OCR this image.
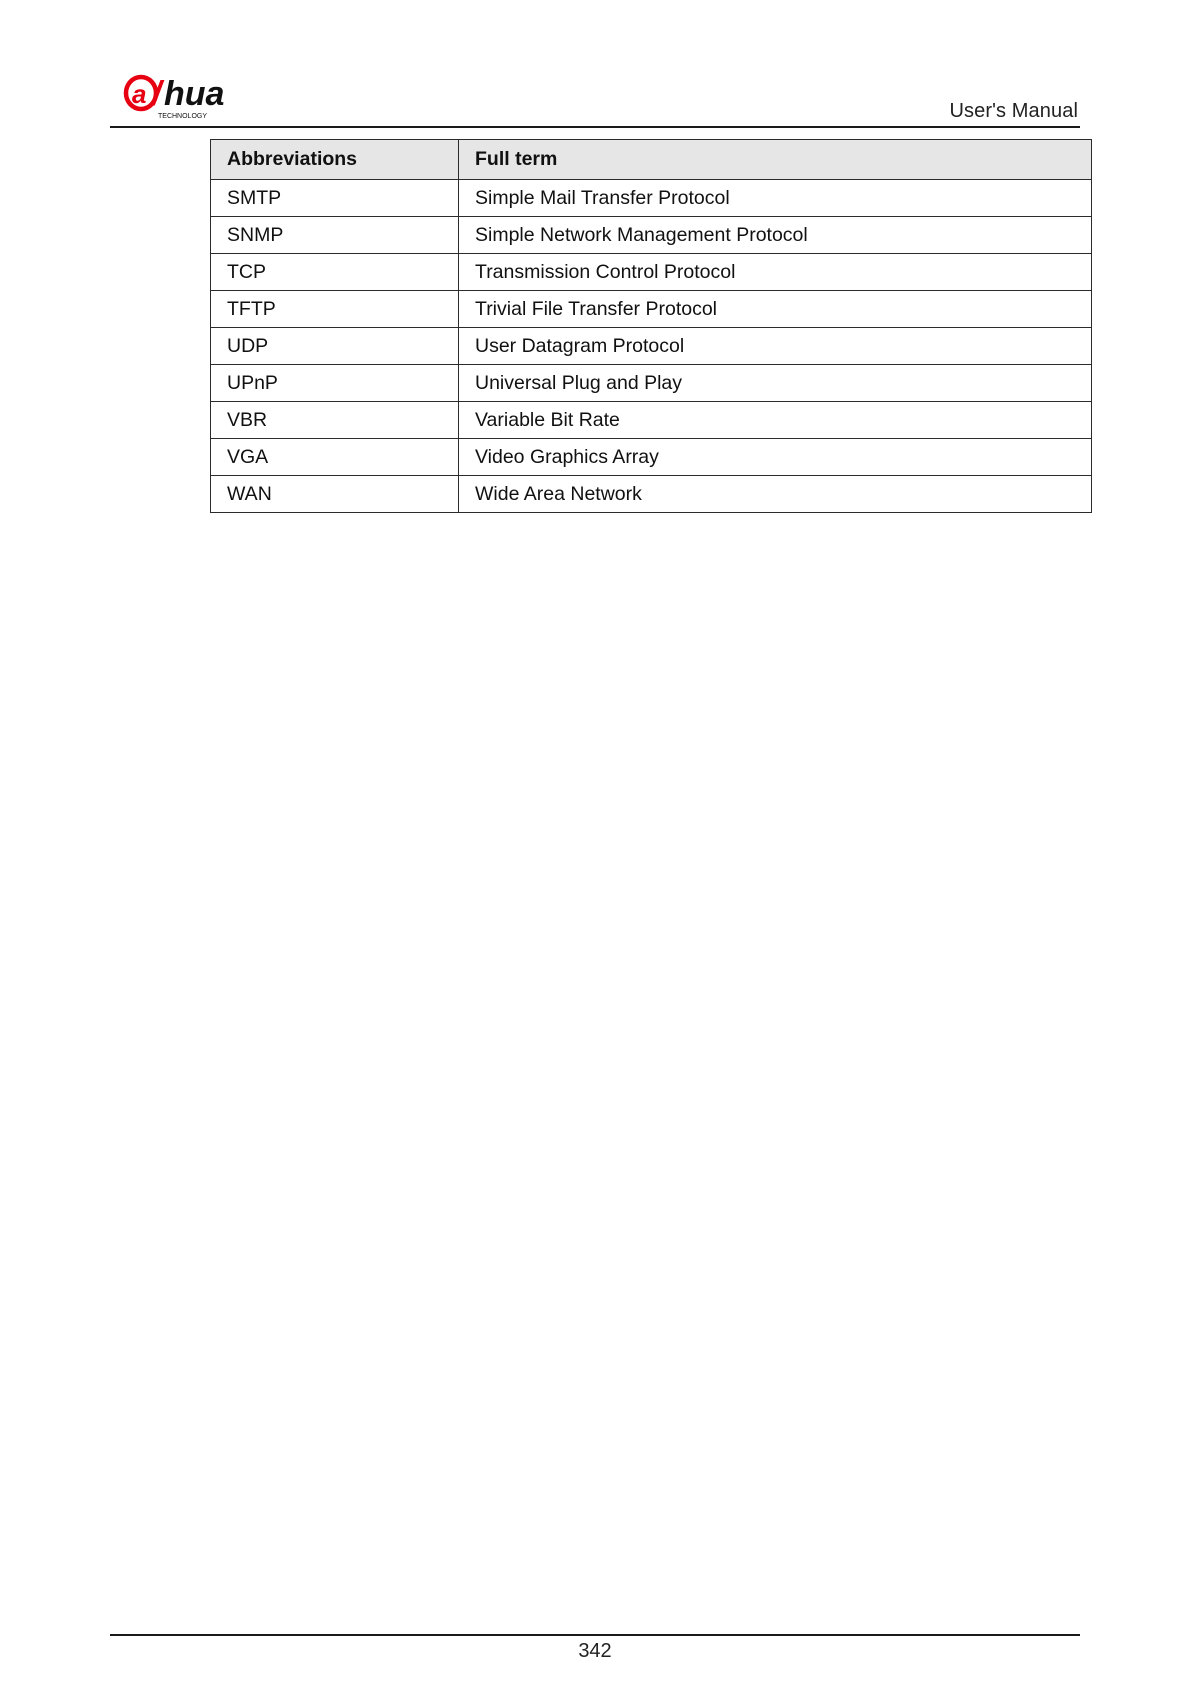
a / hua
TECHNOLOGY	User's Manual
Abbreviations	Full term
SMTP	Simple Mail Transfer Protocol
SNMP	Simple Network Management Protocol
TCP	Transmission Control Protocol
TFTP	Trivial File Transfer Protocol
UDP	User Datagram Protocol
UPnP	Universal Plug and Play
VBR	Variable Bit Rate
VGA	Video Graphics Array
WAN	Wide Area Network
342
